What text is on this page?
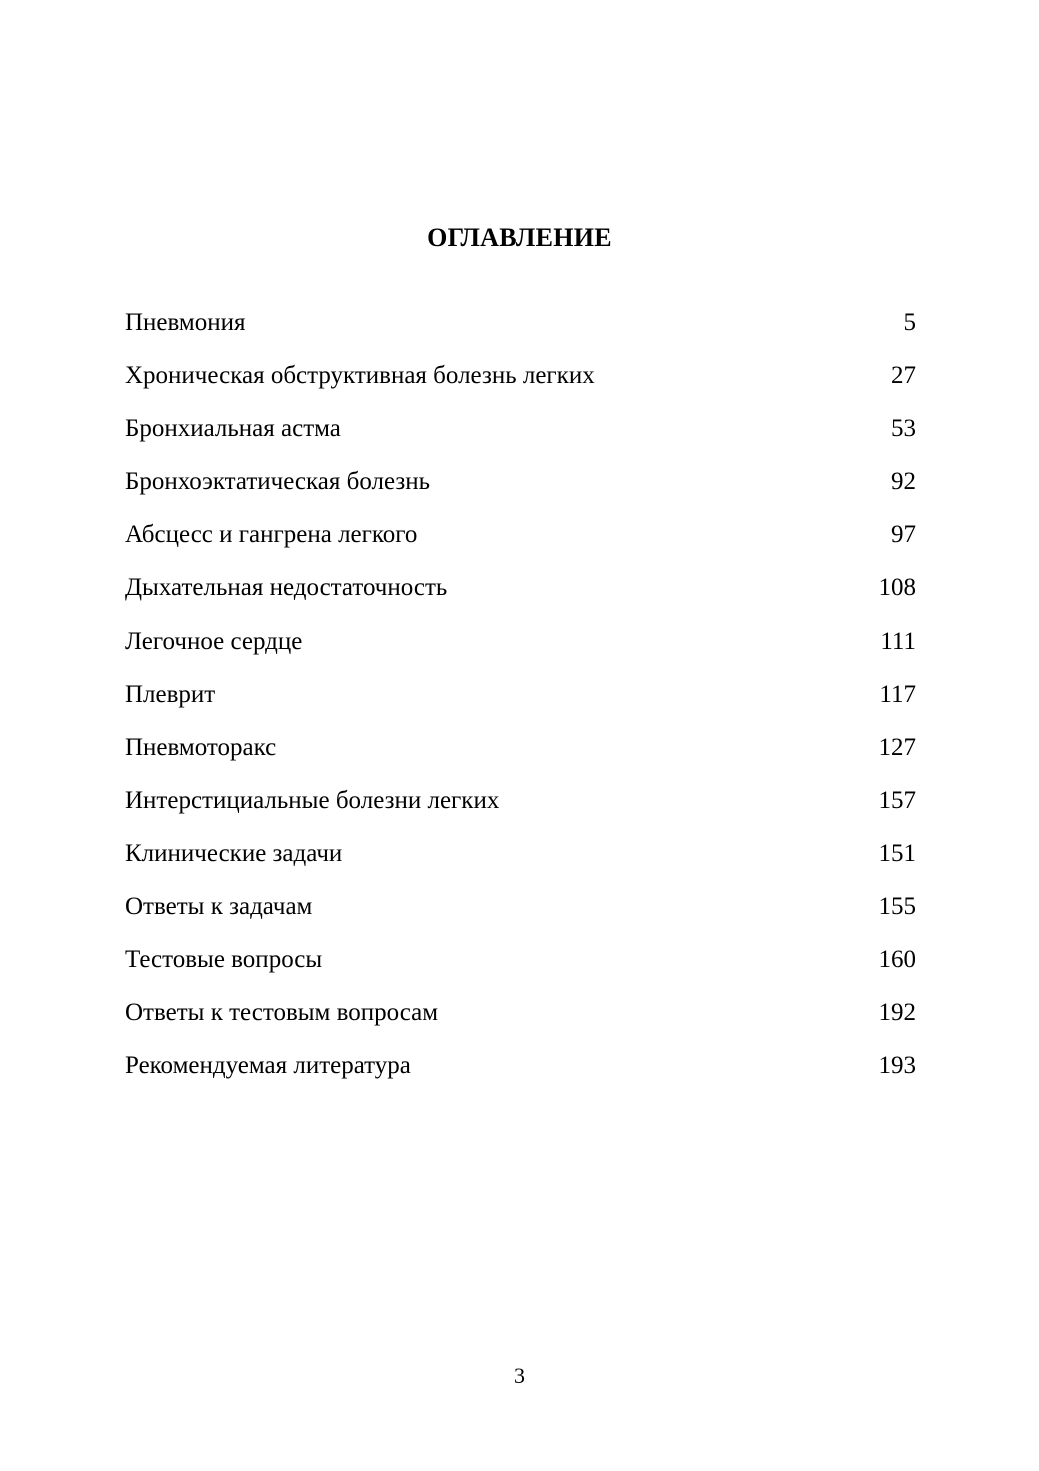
ОГЛАВЛЕНИЕ
Пневмония	5
Хроническая обструктивная болезнь легких	27
Бронхиальная астма	53
Бронхоэктатическая болезнь	92
Абсцесс и гангрена легкого	97
Дыхательная недостаточность	108
Легочное сердце	111
Плеврит	117
Пневмоторакс	127
Интерстициальные болезни легких	157
Клинические задачи	151
Ответы к задачам	155
Тестовые вопросы	160
Ответы к тестовым вопросам	192
Рекомендуемая литература	193
3
